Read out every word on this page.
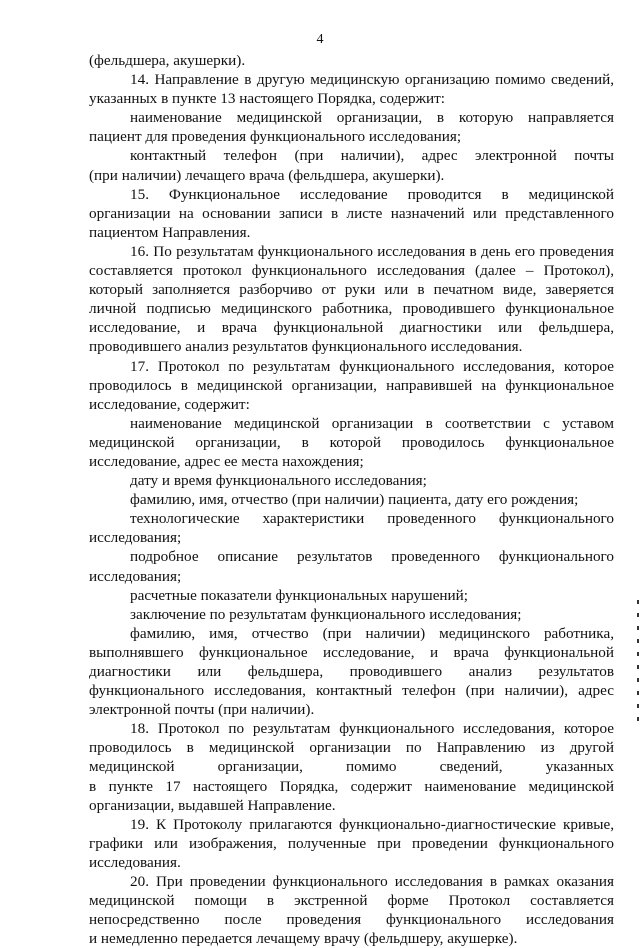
4
(фельдшера, акушерки).
14. Направление в другую медицинскую организацию помимо сведений,
указанных в пункте 13 настоящего Порядка, содержит:
наименование медицинской организации, в которую направляется
пациент для проведения функционального исследования;
контактный телефон (при наличии), адрес электронной почты
(при наличии) лечащего врача (фельдшера, акушерки).
15. Функциональное исследование проводится в медицинской
организации на основании записи в листе назначений или представленного
пациентом Направления.
16. По результатам функционального исследования в день его проведения
составляется протокол функционального исследования (далее – Протокол),
который заполняется разборчиво от руки или в печатном виде, заверяется
личной подписью медицинского работника, проводившего функциональное
исследование, и врача функциональной диагностики или фельдшера,
проводившего анализ результатов функционального исследования.
17. Протокол по результатам функционального исследования, которое
проводилось в медицинской организации, направившей на функциональное
исследование, содержит:
наименование медицинской организации в соответствии с уставом
медицинской организации, в которой проводилось функциональное
исследование, адрес ее места нахождения;
дату и время функционального исследования;
фамилию, имя, отчество (при наличии) пациента, дату его рождения;
технологические характеристики проведенного функционального
исследования;
подробное описание результатов проведенного функционального
исследования;
расчетные показатели функциональных нарушений;
заключение по результатам функционального исследования;
фамилию, имя, отчество (при наличии) медицинского работника,
выполнявшего функциональное исследование, и врача функциональной
диагностики или фельдшера, проводившего анализ результатов
функционального исследования, контактный телефон (при наличии), адрес
электронной почты (при наличии).
18. Протокол по результатам функционального исследования, которое
проводилось в медицинской организации по Направлению из другой
медицинской организации, помимо сведений, указанных
в пункте 17 настоящего Порядка, содержит наименование медицинской
организации, выдавшей Направление.
19. К Протоколу прилагаются функционально-диагностические кривые,
графики или изображения, полученные при проведении функционального
исследования.
20. При проведении функционального исследования в рамках оказания
медицинской помощи в экстренной форме Протокол составляется
непосредственно после проведения функционального исследования
и немедленно передается лечащему врачу (фельдшеру, акушерке).
